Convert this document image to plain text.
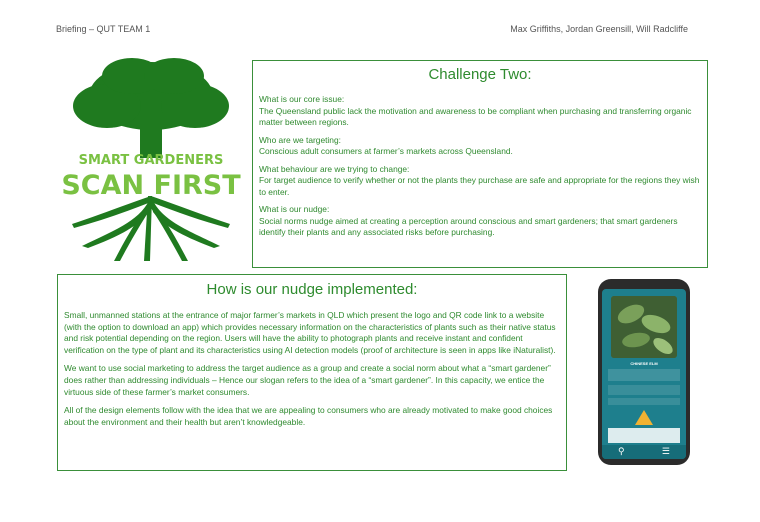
Briefing – QUT TEAM 1	Max Griffiths, Jordan Greensill, Will Radcliffe
SMART GARDENERS
SCAN FIRST
Challenge Two:

What is our core issue:

The Queensland public lack the motivation and awareness to be compliant when purchasing and transferring organic matter between regions.

Who are we targeting:

Conscious adult consumers at farmer’s markets across Queensland.

What behaviour are we trying to change:

For target audience to verify whether or not the plants they purchase are safe and appropriate for the regions they wish to enter.

What is our nudge:

Social norms nudge aimed at creating a perception around conscious and smart gardeners; that smart gardeners identify their plants and any associated risks before purchasing.

How is our nudge implemented:

Small, unmanned stations at the entrance of major farmer’s markets in QLD which present the logo and QR code link to a website (with the option to download an app) which provides necessary information on the characteristics of plants such as their native status and risk potential depending on the region. Users will have the ability to photograph plants and receive instant and confident verification on the type of plant and its characteristics using AI detection models (proof of architecture is seen in apps like iNaturalist).

We want to use social marketing to address the target audience as a group and create a social norm about what a “smart gardener” does rather than addressing individuals – Hence our slogan refers to the idea of a “smart gardener”. In this capacity, we entice the virtuous side of these farmer’s market consumers.

All of the design elements follow with the idea that we are appealing to consumers who are already motivated to make good choices about the environment and their health but aren’t knowledgeable.

CHINESE ELM
⚲	☰
